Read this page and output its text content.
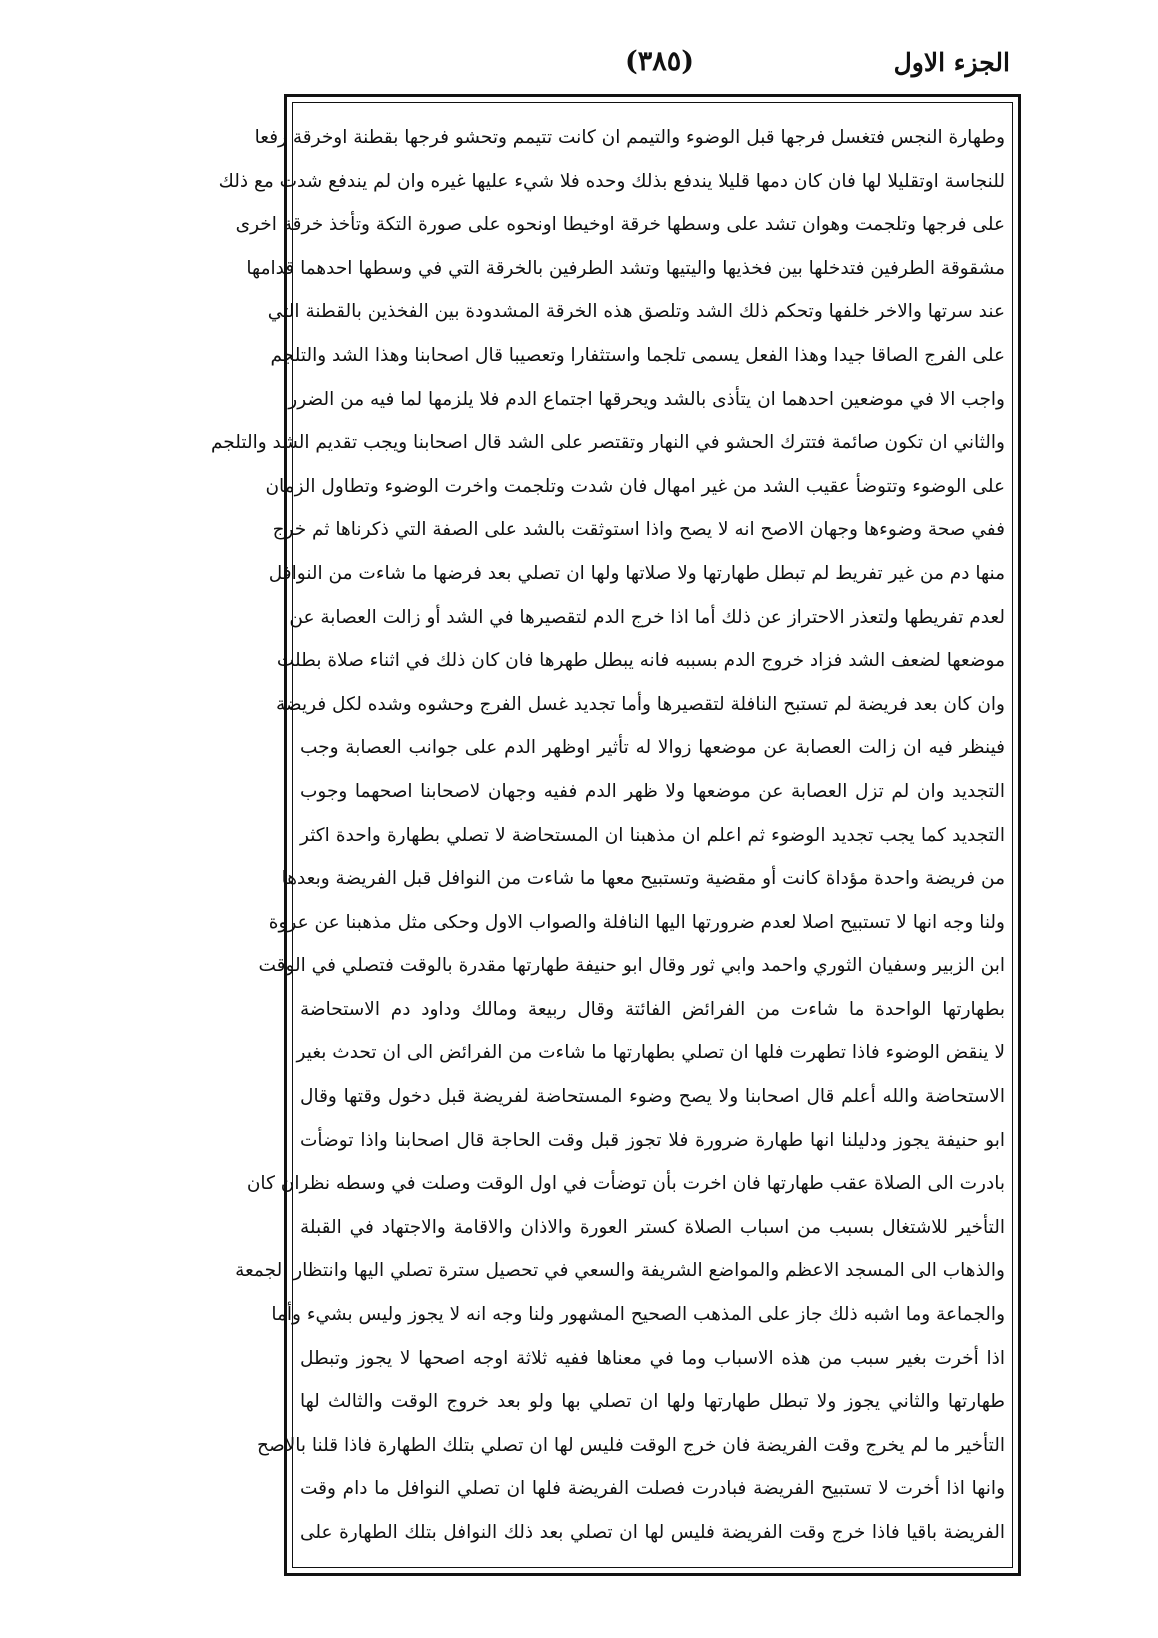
الجزء الاول
(٣٨٥)
وطهارة النجس فتغسل فرجها قبل الوضوء والتيمم ان كانت تتيمم وتحشو فرجها بقطنة اوخرقة رفعا
للنجاسة اوتقليلا لها فان كان دمها قليلا يندفع بذلك وحده فلا شيء عليها غيره وان لم يندفع شدت مع ذلك
على فرجها وتلجمت وهوان تشد على وسطها خرقة اوخيطا اونحوه على صورة التكة وتأخذ خرقة اخرى
مشقوقة الطرفين فتدخلها بين فخذيها واليتيها وتشد الطرفين بالخرقة التي في وسطها احدهما قدامها
عند سرتها والاخر خلفها وتحكم ذلك الشد وتلصق هذه الخرقة المشدودة بين الفخذين بالقطنة التي
على الفرج الصاقا جيدا وهذا الفعل يسمى تلجما واستثفارا وتعصيبا قال اصحابنا وهذا الشد والتلجم
واجب الا في موضعين احدهما ان يتأذى بالشد ويحرقها اجتماع الدم فلا يلزمها لما فيه من الضرر
والثاني ان تكون صائمة فتترك الحشو في النهار وتقتصر على الشد قال اصحابنا ويجب تقديم الشد والتلجم
على الوضوء وتتوضأ عقيب الشد من غير امهال فان شدت وتلجمت واخرت الوضوء وتطاول الزمان
ففي صحة وضوءها وجهان الاصح انه لا يصح واذا استوثقت بالشد على الصفة التي ذكرناها ثم خرج
منها دم من غير تفريط لم تبطل طهارتها ولا صلاتها ولها ان تصلي بعد فرضها ما شاءت من النوافل
لعدم تفريطها ولتعذر الاحتراز عن ذلك أما اذا خرج الدم لتقصيرها في الشد أو زالت العصابة عن
موضعها لضعف الشد فزاد خروج الدم بسببه فانه يبطل طهرها فان كان ذلك في اثناء صلاة بطلت
وان كان بعد فريضة لم تستبح النافلة لتقصيرها وأما تجديد غسل الفرج وحشوه وشده لكل فريضة
فينظر فيه ان زالت العصابة عن موضعها زوالا له تأثير اوظهر الدم على جوانب العصابة وجب
التجديد وان لم تزل العصابة عن موضعها ولا ظهر الدم ففيه وجهان لاصحابنا اصحهما وجوب
التجديد كما يجب تجديد الوضوء ثم اعلم ان مذهبنا ان المستحاضة لا تصلي بطهارة واحدة اكثر
من فريضة واحدة مؤداة كانت أو مقضية وتستبيح معها ما شاءت من النوافل قبل الفريضة وبعدها
ولنا وجه انها لا تستبيح اصلا لعدم ضرورتها اليها النافلة والصواب الاول وحكى مثل مذهبنا عن عروة
ابن الزبير وسفيان الثوري واحمد وابي ثور وقال ابو حنيفة طهارتها مقدرة بالوقت فتصلي في الوقت
بطهارتها الواحدة ما شاءت من الفرائض الفائتة وقال ربيعة ومالك وداود دم الاستحاضة
لا ينقض الوضوء فاذا تطهرت فلها ان تصلي بطهارتها ما شاءت من الفرائض الى ان تحدث بغير
الاستحاضة والله أعلم قال اصحابنا ولا يصح وضوء المستحاضة لفريضة قبل دخول وقتها وقال
ابو حنيفة يجوز ودليلنا انها طهارة ضرورة فلا تجوز قبل وقت الحاجة قال اصحابنا واذا توضأت
بادرت الى الصلاة عقب طهارتها فان اخرت بأن توضأت في اول الوقت وصلت في وسطه نظران كان
التأخير للاشتغال بسبب من اسباب الصلاة كستر العورة والاذان والاقامة والاجتهاد في القبلة
والذهاب الى المسجد الاعظم والمواضع الشريفة والسعي في تحصيل سترة تصلي اليها وانتظار الجمعة
والجماعة وما اشبه ذلك جاز على المذهب الصحيح المشهور ولنا وجه انه لا يجوز وليس بشيء وأما
اذا أخرت بغير سبب من هذه الاسباب وما في معناها ففيه ثلاثة اوجه اصحها لا يجوز وتبطل
طهارتها والثاني يجوز ولا تبطل طهارتها ولها ان تصلي بها ولو بعد خروج الوقت والثالث لها
التأخير ما لم يخرج وقت الفريضة فان خرج الوقت فليس لها ان تصلي بتلك الطهارة فاذا قلنا بالاصح
وانها اذا أخرت لا تستبيح الفريضة فبادرت فصلت الفريضة فلها ان تصلي النوافل ما دام وقت
الفريضة باقيا فاذا خرج وقت الفريضة فليس لها ان تصلي بعد ذلك النوافل بتلك الطهارة على
